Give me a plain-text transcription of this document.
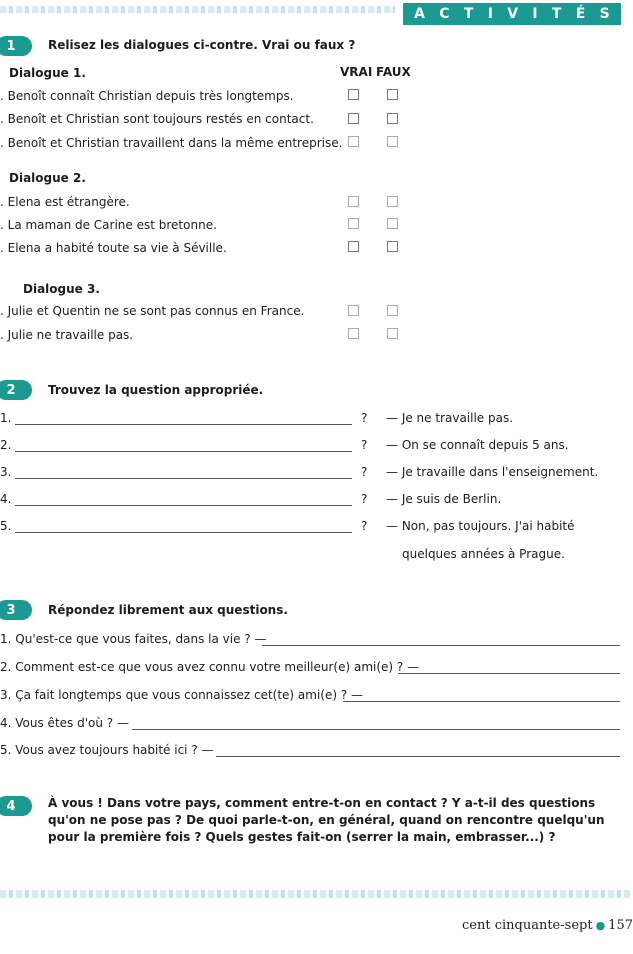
A C T I V I T É S
1	Relisez les dialogues ci-contre. Vrai ou faux ?
Dialogue 1.	VRAI FAUX
. Benoît connaît Christian depuis très longtemps.
. Benoît et Christian sont toujours restés en contact.
. Benoît et Christian travaillent dans la même entreprise.
Dialogue 2.
. Elena est étrangère.
. La maman de Carine est bretonne.
. Elena a habité toute sa vie à Séville.
Dialogue 3.
. Julie et Quentin ne se sont pas connus en France.
. Julie ne travaille pas.
2	Trouvez la question appropriée.
1.	? — Je ne travaille pas.
2.	? — On se connaît depuis 5 ans.
3.	? — Je travaille dans l'enseignement.
4.	? — Je suis de Berlin.
5.	? — Non, pas toujours. J'ai habité
quelques années à Prague.
3	Répondez librement aux questions.
1. Qu'est-ce que vous faites, dans la vie ? —
2. Comment est-ce que vous avez connu votre meilleur(e) ami(e) ? —
3. Ça fait longtemps que vous connaissez cet(te) ami(e) ? —
4. Vous êtes d'où ? —
5. Vous avez toujours habité ici ? —
4	À vous ! Dans votre pays, comment entre-t-on en contact ? Y a-t-il des questions qu'on ne pose pas ? De quoi parle-t-on, en général, quand on rencontre quelqu'un pour la première fois ? Quels gestes fait-on (serrer la main, embrasser...) ?
cent cinquante-sept ● 157
